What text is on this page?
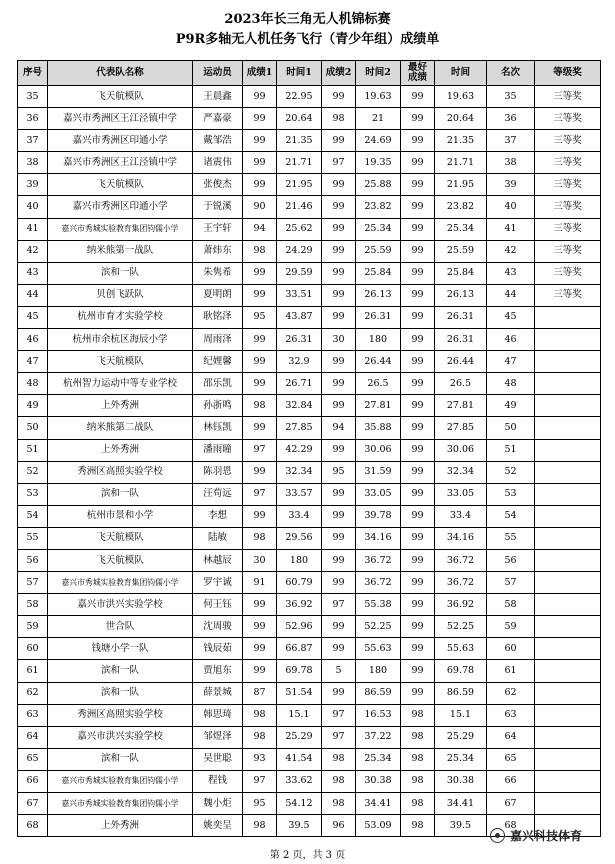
2023年长三角无人机锦标赛
P9R多轴无人机任务飞行（青少年组）成绩单
序号	代表队名称	运动员	成绩1	时间1	成绩2	时间2	最好成绩	时间	名次	等级奖
35	飞天航模队	王晨鑫	99	22.95	99	19.63	99	19.63	35	三等奖
36	嘉兴市秀洲区王江泾镇中学	严嘉豪	99	20.64	98	21	99	20.64	36	三等奖
37	嘉兴市秀洲区印通小学	戴邹浩	99	21.35	99	24.69	99	21.35	37	三等奖
38	嘉兴市秀洲区王江泾镇中学	诸震伟	99	21.71	97	19.35	99	21.71	38	三等奖
39	飞天航模队	张俊杰	99	21.95	99	25.88	99	21.95	39	三等奖
40	嘉兴市秀洲区印通小学	于锐溪	90	21.46	99	23.82	99	23.82	40	三等奖
41	嘉兴市秀城实验教育集团钧儒小学	王宇轩	94	25.62	99	25.34	99	25.34	41	三等奖
42	纳米熊第一战队	萧炜东	98	24.29	99	25.59	99	25.59	42	三等奖
43	滨和一队	朱隽希	99	29.59	99	25.84	99	25.84	43	三等奖
44	贝创飞跃队	夏明朗	99	33.51	99	26.13	99	26.13	44	三等奖
45	杭州市育才实验学校	耿铭泽	95	43.87	99	26.31	99	26.31	45	
46	杭州市余杭区海辰小学	周雨泽	99	26.31	30	180	99	26.31	46	
47	飞天航模队	纪娌馨	99	32.9	99	26.44	99	26.44	47	
48	杭州智力运动中等专业学校	邵乐凯	99	26.71	99	26.5	99	26.5	48	
49	上外秀洲	孙浙鸣	98	32.84	99	27.81	99	27.81	49	
50	纳米熊第二战队	林钰凯	99	27.85	94	35.88	99	27.85	50	
51	上外秀洲	潘雨曈	97	42.29	99	30.06	99	30.06	51	
52	秀洲区高照实验学校	陈羽恩	99	32.34	95	31.59	99	32.34	52	
53	滨和一队	汪苟远	97	33.57	99	33.05	99	33.05	53	
54	杭州市景和小学	李想	99	33.4	99	39.78	99	33.4	54	
55	飞天航模队	陆敏	98	29.56	99	34.16	99	34.16	55	
56	飞天航模队	林越辰	30	180	99	36.72	99	36.72	56	
57	嘉兴市秀城实验教育集团钧儒小学	罗宇诚	91	60.79	99	36.72	99	36.72	57	
58	嘉兴市洪兴实验学校	何王钰	99	36.92	97	55.38	99	36.92	58	
59	世合队	沈周骏	99	52.96	99	52.25	99	52.25	59	
60	钱塘小学一队	钱辰茹	99	66.87	99	55.63	99	55.63	60	
61	滨和一队	贾旭东	99	69.78	5	180	99	69.78	61	
62	滨和一队	薛景城	87	51.54	99	86.59	99	86.59	62	
63	秀洲区高照实验学校	韩思琦	98	15.1	97	16.53	98	15.1	63	
64	嘉兴市洪兴实验学校	邹煜泽	98	25.29	97	37.22	98	25.29	64	
65	滨和一队	吴世聪	93	41.54	98	25.34	98	25.34	65	
66	嘉兴市秀城实验教育集团钧儒小学	程钱	97	33.62	98	30.38	98	30.38	66	
67	嘉兴市秀城实验教育集团钧儒小学	魏小炬	95	54.12	98	34.41	98	34.41	67	
68	上外秀洲	姚奕呈	98	39.5	96	53.09	98	39.5	68	
嘉兴科技体育
第 2 页，共 3 页
